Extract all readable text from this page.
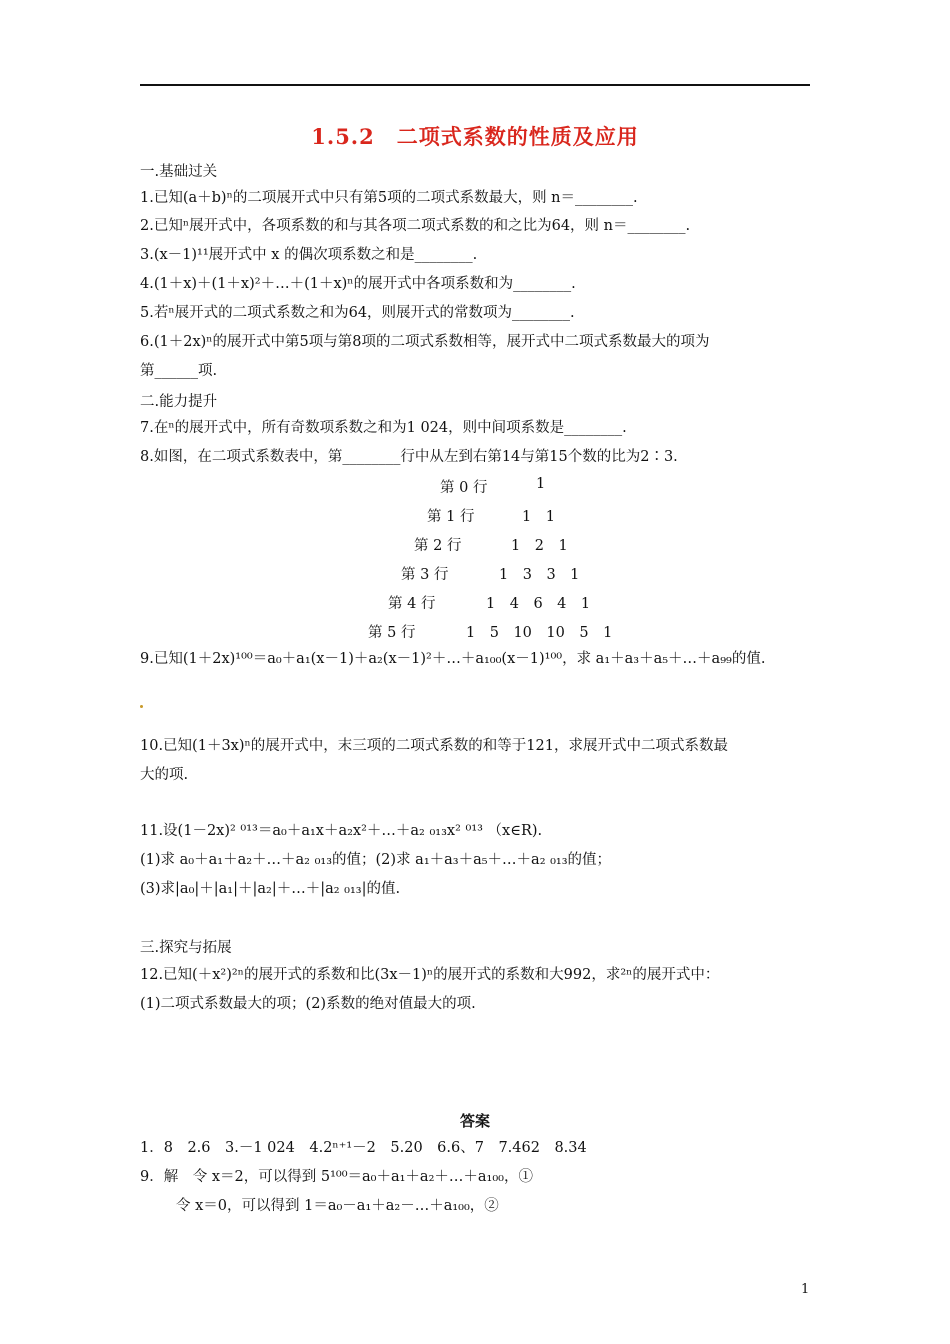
1.5.2　二项式系数的性质及应用
一.基础过关
1.已知(a＋b)ⁿ的二项展开式中只有第5项的二项式系数最大，则 n＝________.
2.已知ⁿ展开式中，各项系数的和与其各项二项式系数的和之比为64，则 n＝________.
3.(x－1)¹¹展开式中 x 的偶次项系数之和是________.
4.(1＋x)＋(1＋x)²＋…＋(1＋x)ⁿ的展开式中各项系数和为________.
5.若ⁿ展开式的二项式系数之和为64，则展开式的常数项为________.
6.(1＋2x)ⁿ的展开式中第5项与第8项的二项式系数相等，展开式中二项式系数最大的项为
第______项.
二.能力提升
7.在ⁿ的展开式中，所有奇数项系数之和为1 024，则中间项系数是________.
8.如图，在二项式系数表中，第________行中从左到右第14与第15个数的比为2∶3.
第 0 行	1
第 1 行	1　1
第 2 行	1　2　1
第 3 行	1　3　3　1
第 4 行	1　4　6　4　1
第 5 行	1　5　10　10　5　1
9.已知(1＋2x)¹⁰⁰＝a₀＋a₁(x－1)＋a₂(x－1)²＋…＋a₁₀₀(x－1)¹⁰⁰，求 a₁＋a₃＋a₅＋…＋a₉₉的值.
10.已知(1＋3x)ⁿ的展开式中，末三项的二项式系数的和等于121，求展开式中二项式系数最
大的项.
11.设(1－2x)² ⁰¹³＝a₀＋a₁x＋a₂x²＋…＋a₂ ₀₁₃x² ⁰¹³ （x∈R).
(1)求 a₀＋a₁＋a₂＋…＋a₂ ₀₁₃的值；(2)求 a₁＋a₃＋a₅＋…＋a₂ ₀₁₃的值；
(3)求|a₀|＋|a₁|＋|a₂|＋…＋|a₂ ₀₁₃|的值.
三.探究与拓展
12.已知(＋x²)²ⁿ的展开式的系数和比(3x－1)ⁿ的展开式的系数和大992，求²ⁿ的展开式中：
(1)二项式系数最大的项；(2)系数的绝对值最大的项.
答案
1．8　2.6　3.－1 024　4.2ⁿ⁺¹－2　5.20　6.6、7　7.462　8.34
9．解　令 x＝2，可以得到 5¹⁰⁰＝a₀＋a₁＋a₂＋…＋a₁₀₀，①
令 x＝0，可以得到 1＝a₀－a₁＋a₂－…＋a₁₀₀，②
1
